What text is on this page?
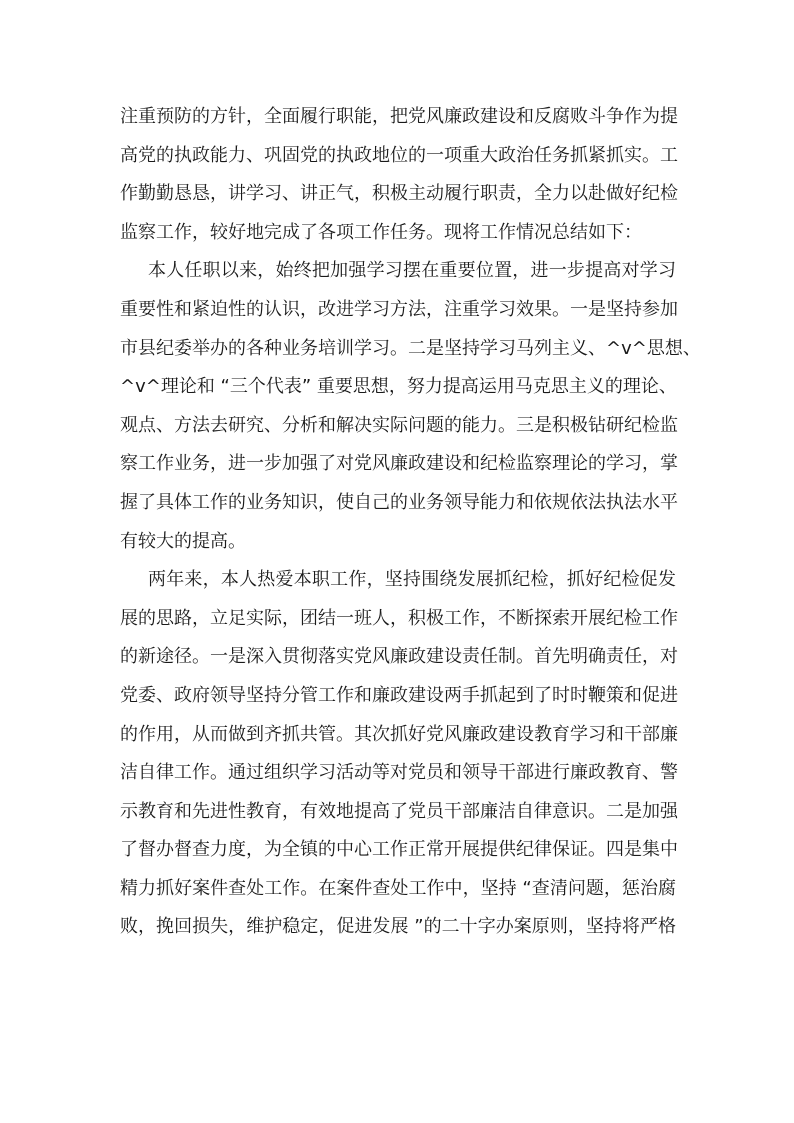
注重预防的方针，全面履行职能，把党风廉政建设和反腐败斗争作为提
高党的执政能力、巩固党的执政地位的一项重大政治任务抓紧抓实。工
作勤勤恳恳，讲学习、讲正气，积极主动履行职责，全力以赴做好纪检
监察工作，较好地完成了各项工作任务。现将工作情况总结如下：
本人任职以来，始终把加强学习摆在重要位置，进一步提高对学习
重要性和紧迫性的认识，改进学习方法，注重学习效果。一是坚持参加
市县纪委举办的各种业务培训学习。二是坚持学习马列主义、^v^思想、
^v^理论和 “三个代表” 重要思想，努力提高运用马克思主义的理论、
观点、方法去研究、分析和解决实际问题的能力。三是积极钻研纪检监
察工作业务，进一步加强了对党风廉政建设和纪检监察理论的学习，掌
握了具体工作的业务知识，使自己的业务领导能力和依规依法执法水平
有较大的提高。
两年来，本人热爱本职工作，坚持围绕发展抓纪检，抓好纪检促发
展的思路，立足实际，团结一班人，积极工作，不断探索开展纪检工作
的新途径。一是深入贯彻落实党风廉政建设责任制。首先明确责任，对
党委、政府领导坚持分管工作和廉政建设两手抓起到了时时鞭策和促进
的作用，从而做到齐抓共管。其次抓好党风廉政建设教育学习和干部廉
洁自律工作。通过组织学习活动等对党员和领导干部进行廉政教育、警
示教育和先进性教育，有效地提高了党员干部廉洁自律意识。二是加强
了督办督查力度，为全镇的中心工作正常开展提供纪律保证。四是集中
精力抓好案件查处工作。在案件查处工作中，坚持 “查清问题，惩治腐
败，挽回损失，维护稳定，促进发展 ”的二十字办案原则，坚持将严格
